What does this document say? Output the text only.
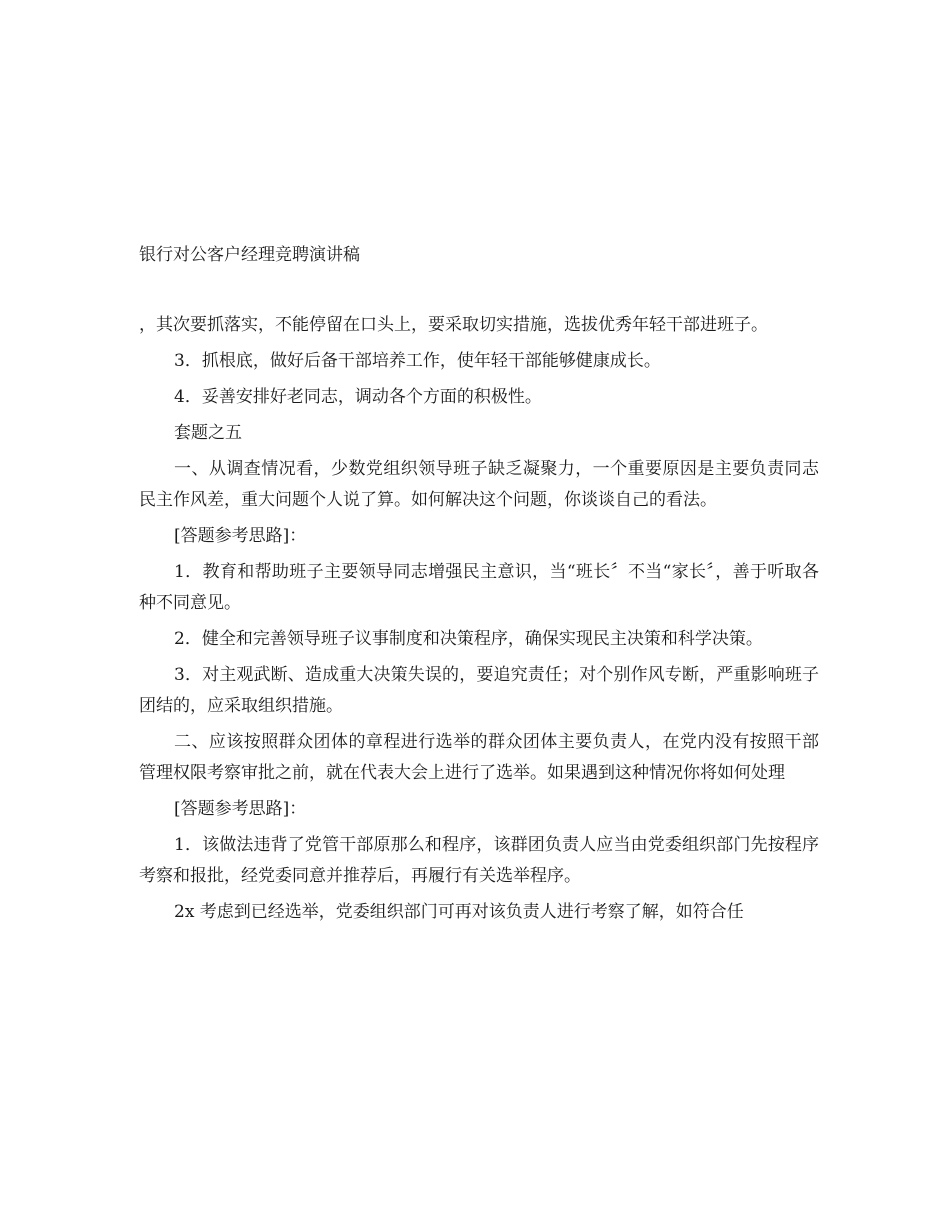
银行对公客户经理竞聘演讲稿

，其次要抓落实，不能停留在口头上，要采取切实措施，选拔优秀年轻干部进班子。

3．抓根底，做好后备干部培养工作，使年轻干部能够健康成长。

4．妥善安排好老同志，调动各个方面的积极性。

套题之五

一、从调查情况看，少数党组织领导班子缺乏凝聚力，一个重要原因是主要负责同志民主作风差，重大问题个人说了算。如何解决这个问题，你谈谈自己的看法。

[答题参考思路]：

1．教育和帮助班子主要领导同志增强民主意识，当“班长〞不当“家长〞，善于听取各种不同意见。

2．健全和完善领导班子议事制度和决策程序，确保实现民主决策和科学决策。

3．对主观武断、造成重大决策失误的，要追究责任；对个别作风专断，严重影响班子团结的，应采取组织措施。

二、应该按照群众团体的章程进行选举的群众团体主要负责人，在党内没有按照干部管理权限考察审批之前，就在代表大会上进行了选举。如果遇到这种情况你将如何处理

[答题参考思路]：

1．该做法违背了党管干部原那么和程序，该群团负责人应当由党委组织部门先按程序考察和报批，经党委同意并推荐后，再履行有关选举程序。

2x 考虑到已经选举，党委组织部门可再对该负责人进行考察了解，如符合任
